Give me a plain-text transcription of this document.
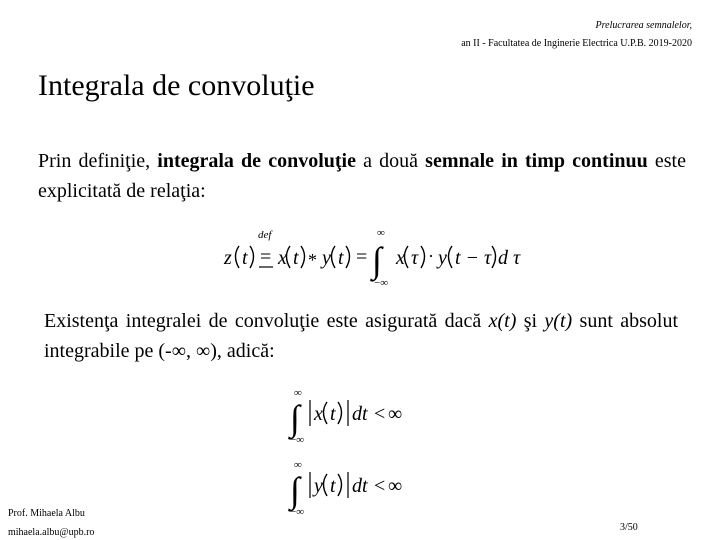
Prelucrarea semnalelor,
an II - Facultatea de Inginerie Electrica U.P.B. 2019-2020
Integrala de convoluţie
Prin definiţie, integrala de convoluţie a două semnale in timp continuu este explicitată de relaţia:
z t
def
= x t * y t =
∞
∫
−∞
x τ · y t − τ d τ
Existenţa integralei de convoluţie este asigurată dacă x(t) şi y(t) sunt absolut integrabile pe (-∞, ∞), adică:
∞
∫
−∞
x t dt < ∞
∞
∫
−∞
y t dt < ∞
Prof. Mihaela Albu
mihaela.albu@upb.ro	3/50
